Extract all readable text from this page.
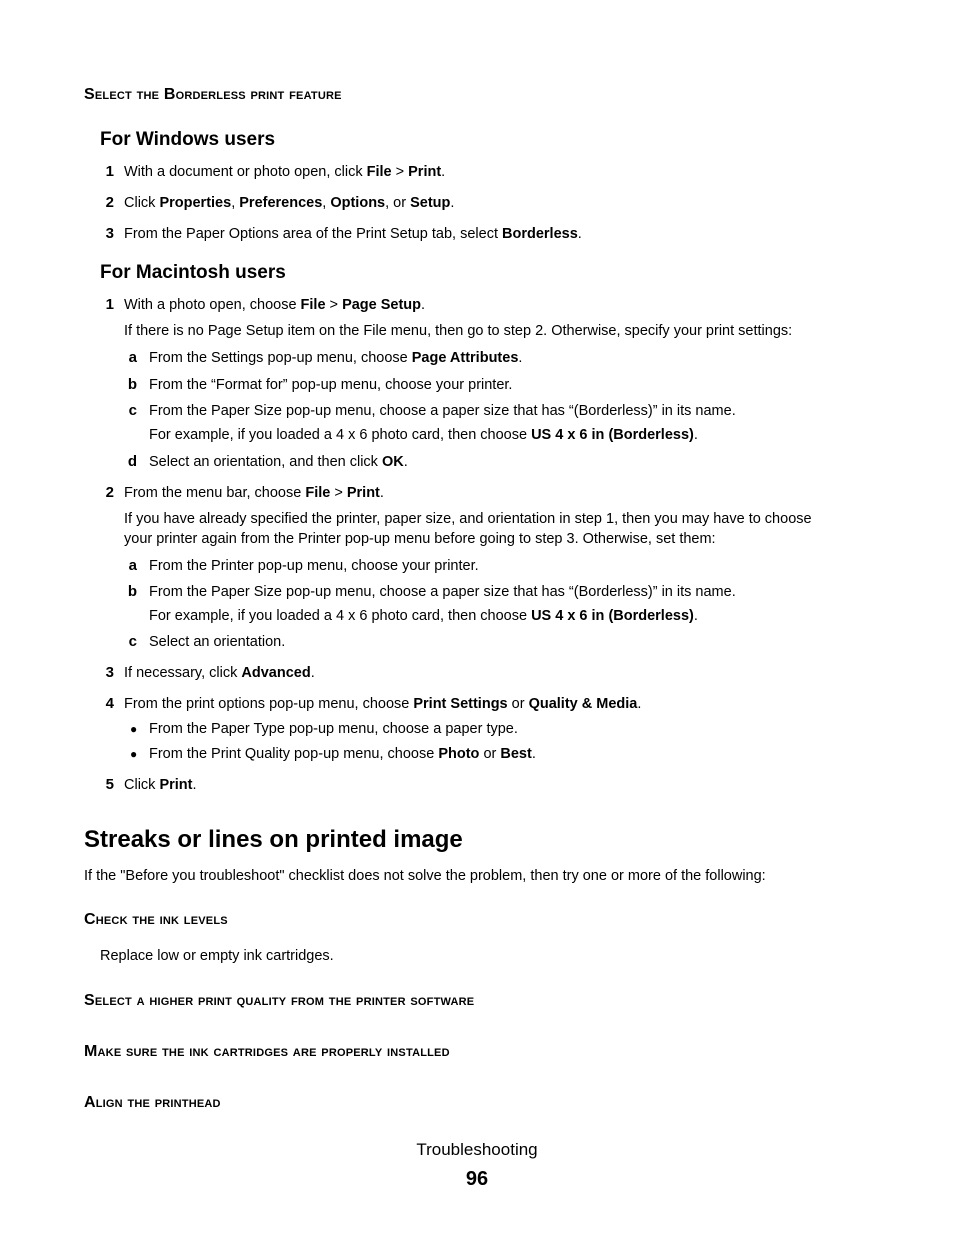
Select the Borderless print feature
For Windows users
1 With a document or photo open, click File > Print.
2 Click Properties, Preferences, Options, or Setup.
3 From the Paper Options area of the Print Setup tab, select Borderless.
For Macintosh users
1 With a photo open, choose File > Page Setup.
If there is no Page Setup item on the File menu, then go to step 2. Otherwise, specify your print settings:
a From the Settings pop-up menu, choose Page Attributes.
b From the “Format for” pop-up menu, choose your printer.
c From the Paper Size pop-up menu, choose a paper size that has “(Borderless)” in its name.
For example, if you loaded a 4 x 6 photo card, then choose US 4 x 6 in (Borderless).
d Select an orientation, and then click OK.
2 From the menu bar, choose File > Print.
If you have already specified the printer, paper size, and orientation in step 1, then you may have to choose
your printer again from the Printer pop-up menu before going to step 3. Otherwise, set them:
a From the Printer pop-up menu, choose your printer.
b From the Paper Size pop-up menu, choose a paper size that has “(Borderless)” in its name.
For example, if you loaded a 4 x 6 photo card, then choose US 4 x 6 in (Borderless).
c Select an orientation.
3 If necessary, click Advanced.
4 From the print options pop-up menu, choose Print Settings or Quality & Media.
● From the Paper Type pop-up menu, choose a paper type.
● From the Print Quality pop-up menu, choose Photo or Best.
5 Click Print.
Streaks or lines on printed image
If the "Before you troubleshoot" checklist does not solve the problem, then try one or more of the following:
Check the ink levels
Replace low or empty ink cartridges.
Select a higher print quality from the printer software
Make sure the ink cartridges are properly installed
Align the printhead
Troubleshooting
96
